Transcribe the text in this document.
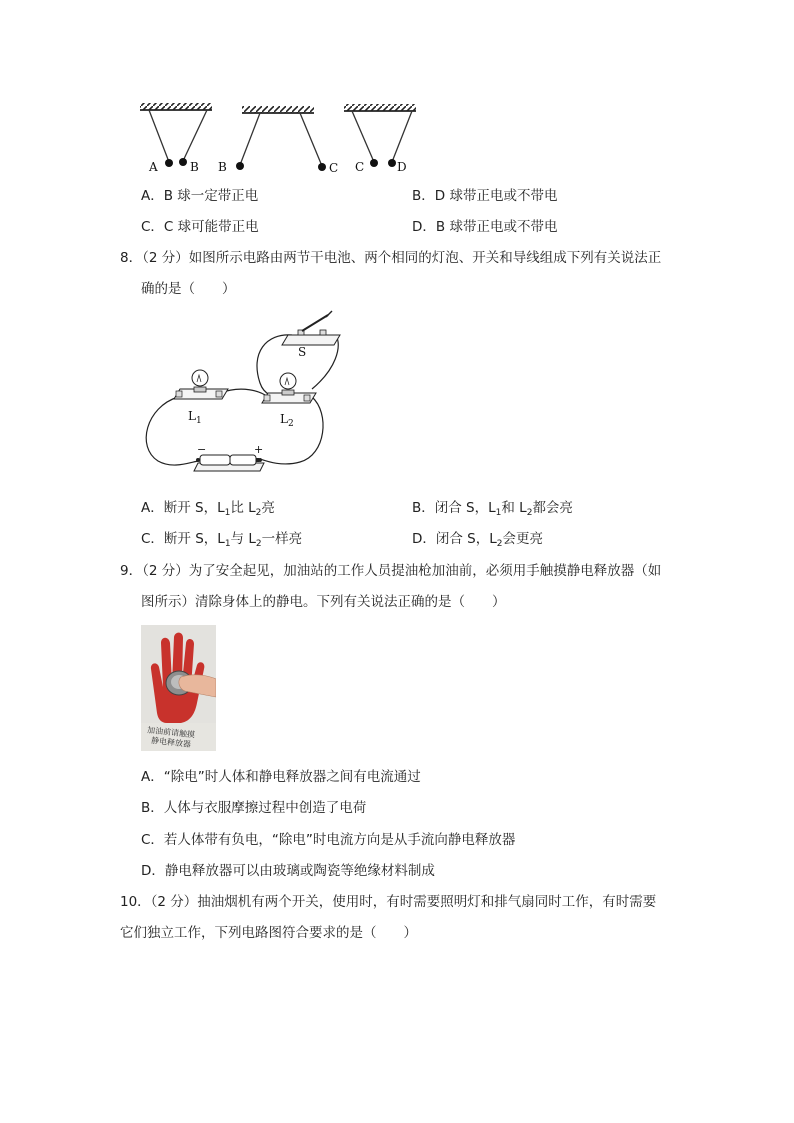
A	B B	C C	D
A．B 球一定带正电	B．D 球带正电或不带电
C．C 球可能带正电	D．B 球带正电或不带电
8．（2 分）如图所示电路由两节干电池、两个相同的灯泡、开关和导线组成下列有关说法正
确的是（　　）
S
$L_1$	$L_2$
−	+
A．断开 S，$L_1$比 $L_2$亮	B．闭合 S，$L_1$和 $L_2$都会亮
C．断开 S，$L_1$与 $L_2$一样亮	D．闭合 S，$L_2$会更亮
9．（2 分）为了安全起见，加油站的工作人员提油枪加油前，必须用手触摸静电释放器（如
图所示）清除身体上的静电。下列有关说法正确的是（　　）
加油前请触摸
静电释放器
A．“除电”时人体和静电释放器之间有电流通过
B．人体与衣服摩擦过程中创造了电荷
C．若人体带有负电，“除电”时电流方向是从手流向静电释放器
D．静电释放器可以由玻璃或陶瓷等绝缘材料制成
10．（2 分）抽油烟机有两个开关，使用时，有时需要照明灯和排气扇同时工作，有时需要
它们独立工作，下列电路图符合要求的是（　　）
